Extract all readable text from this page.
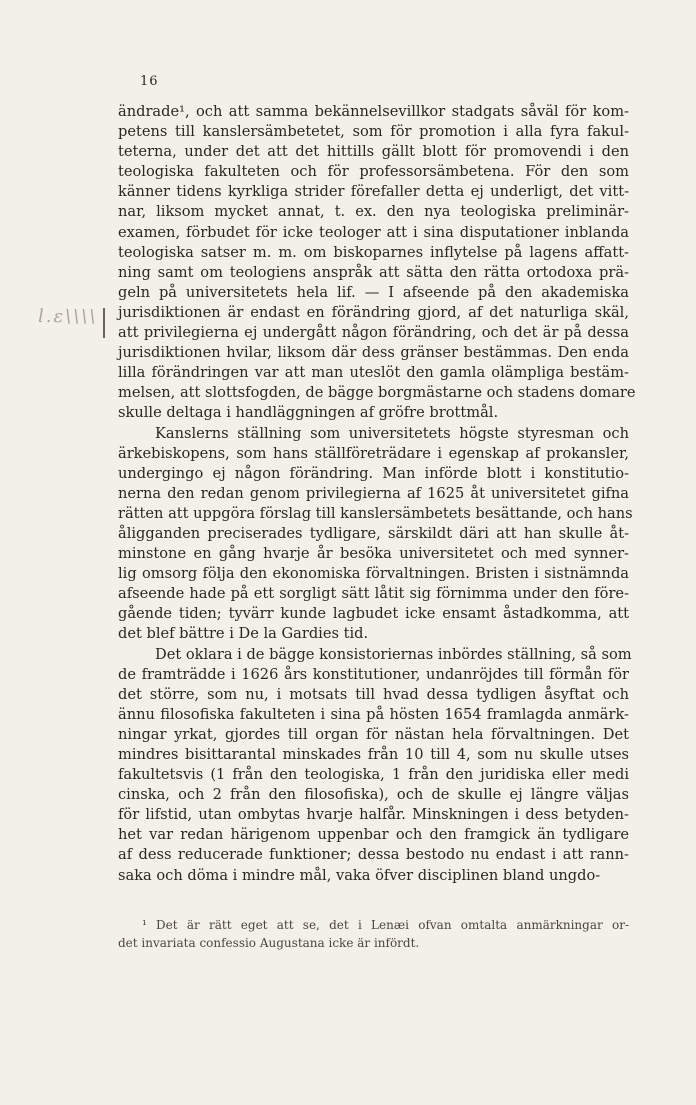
16
l.ɛ\\\\
ändrade¹, och att samma bekännelsevillkor stadgats såväl för kom-
petens till kanslersämbetetet, som för promotion i alla fyra fakul-
teterna, under det att det hittills gällt blott för promovendi i den
teologiska fakulteten och för professorsämbetena. För den som
känner tidens kyrkliga strider förefaller detta ej underligt, det vitt-
nar, liksom mycket annat, t. ex. den nya teologiska preliminär-
examen, förbudet för icke teologer att i sina disputationer inblanda
teologiska satser m. m. om biskoparnes inflytelse på lagens affatt-
ning samt om teologiens anspråk att sätta den rätta ortodoxa prä-
geln på universitetets hela lif. — I afseende på den akademiska
jurisdiktionen är endast en förändring gjord, af det naturliga skäl,
att privilegierna ej undergått någon förändring, och det är på dessa
jurisdiktionen hvilar, liksom där dess gränser bestämmas. Den enda
lilla förändringen var att man uteslöt den gamla olämpliga bestäm-
melsen, att slottsfogden, de bägge borgmästarne och stadens domare
skulle deltaga i handläggningen af gröfre brottmål.
Kanslerns ställning som universitetets högste styresman och
ärkebiskopens, som hans ställföreträdare i egenskap af prokansler,
undergingo ej någon förändring. Man införde blott i konstitutio-
nerna den redan genom privilegierna af 1625 åt universitetet gifna
rätten att uppgöra förslag till kanslersämbetets besättande, och hans
åligganden preciserades tydligare, särskildt däri att han skulle åt-
minstone en gång hvarje år besöka universitetet och med synner-
lig omsorg följa den ekonomiska förvaltningen. Bristen i sistnämnda
afseende hade på ett sorgligt sätt låtit sig förnimma under den före-
gående tiden; tyvärr kunde lagbudet icke ensamt åstadkomma, att
det blef bättre i De la Gardies tid.
Det oklara i de bägge konsistoriernas inbördes ställning, så som
de framträdde i 1626 års konstitutioner, undanröjdes till förmån för
det större, som nu, i motsats till hvad dessa tydligen åsyftat och
ännu filosofiska fakulteten i sina på hösten 1654 framlagda anmärk-
ningar yrkat, gjordes till organ för nästan hela förvaltningen. Det
mindres bisittarantal minskades från 10 till 4, som nu skulle utses
fakultetsvis (1 från den teologiska, 1 från den juridiska eller medi
cinska, och 2 från den filosofiska), och de skulle ej längre väljas
för lifstid, utan ombytas hvarje halfår. Minskningen i dess betyden-
het var redan härigenom uppenbar och den framgick än tydligare
af dess reducerade funktioner; dessa bestodo nu endast i att rann-
saka och döma i mindre mål, vaka öfver disciplinen bland ungdo-
¹ Det är rätt eget att se, det i Lenæi ofvan omtalta anmärkningar or-
det invariata confessio Augustana icke är infördt.
